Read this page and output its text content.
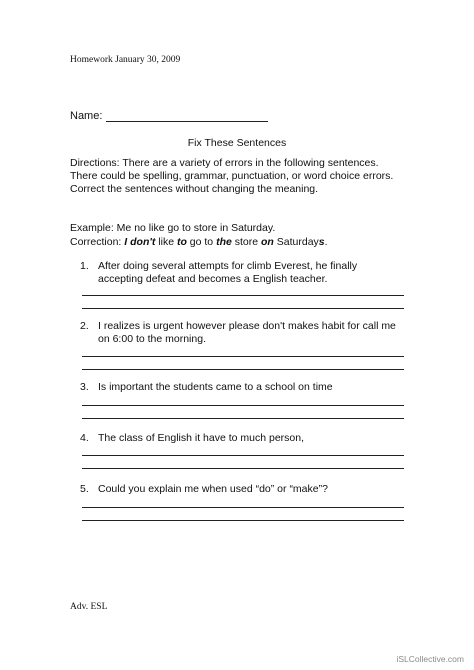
Homework January 30, 2009
Name:
Fix These Sentences
Directions: There are a variety of errors in the following sentences.
There could be spelling, grammar, punctuation, or word choice errors.
Correct the sentences without changing the meaning.
Example: Me no like go to store in Saturday.
Correction: I don't like to go to the store on Saturdays.
1. After doing several attempts for climb Everest, he finally accepting defeat and becomes a English teacher.
2. I realizes is urgent however please don't makes habit for call me on 6:00 to the morning.
3. Is important the students came to a school on time
4. The class of English it have to much person,
5. Could you explain me when used “do” or “make”?
Adv. ESL
iSLCollective.com
